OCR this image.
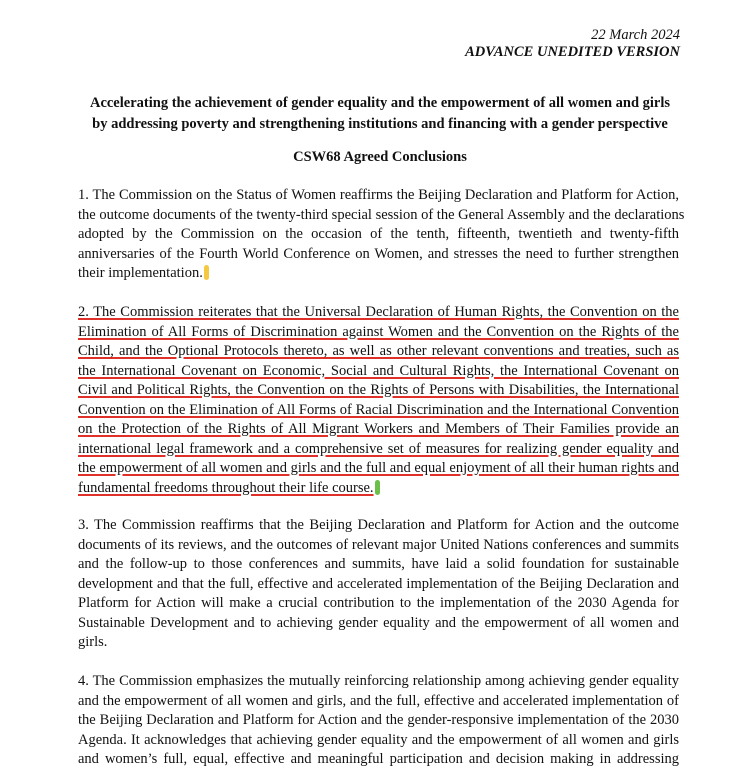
22 March 2024
ADVANCE UNEDITED VERSION
Accelerating the achievement of gender equality and the empowerment of all women and girls
by addressing poverty and strengthening institutions and financing with a gender perspective
CSW68 Agreed Conclusions
1. The Commission on the Status of Women reaffirms the Beijing Declaration and Platform for Action,
the outcome documents of the twenty-third special session of the General Assembly and the declarations
adopted by the Commission on the occasion of the tenth, fifteenth, twentieth and twenty-fifth
anniversaries of the Fourth World Conference on Women, and stresses the need to further strengthen
their implementation.
2. The Commission reiterates that the Universal Declaration of Human Rights, the Convention on the
Elimination of All Forms of Discrimination against Women and the Convention on the Rights of the
Child, and the Optional Protocols thereto, as well as other relevant conventions and treaties, such as
the International Covenant on Economic, Social and Cultural Rights, the International Covenant on
Civil and Political Rights, the Convention on the Rights of Persons with Disabilities, the International
Convention on the Elimination of All Forms of Racial Discrimination and the International Convention
on the Protection of the Rights of All Migrant Workers and Members of Their Families provide an
international legal framework and a comprehensive set of measures for realizing gender equality and
the empowerment of all women and girls and the full and equal enjoyment of all their human rights and
fundamental freedoms throughout their life course.
3. The Commission reaffirms that the Beijing Declaration and Platform for Action and the outcome
documents of its reviews, and the outcomes of relevant major United Nations conferences and summits
and the follow-up to those conferences and summits, have laid a solid foundation for sustainable
development and that the full, effective and accelerated implementation of the Beijing Declaration and
Platform for Action will make a crucial contribution to the implementation of the 2030 Agenda for
Sustainable Development and to achieving gender equality and the empowerment of all women and
girls.
4. The Commission emphasizes the mutually reinforcing relationship among achieving gender equality
and the empowerment of all women and girls, and the full, effective and accelerated implementation of
the Beijing Declaration and Platform for Action and the gender-responsive implementation of the 2030
Agenda. It acknowledges that achieving gender equality and the empowerment of all women and girls
and women’s full, equal, effective and meaningful participation and decision making in addressing
